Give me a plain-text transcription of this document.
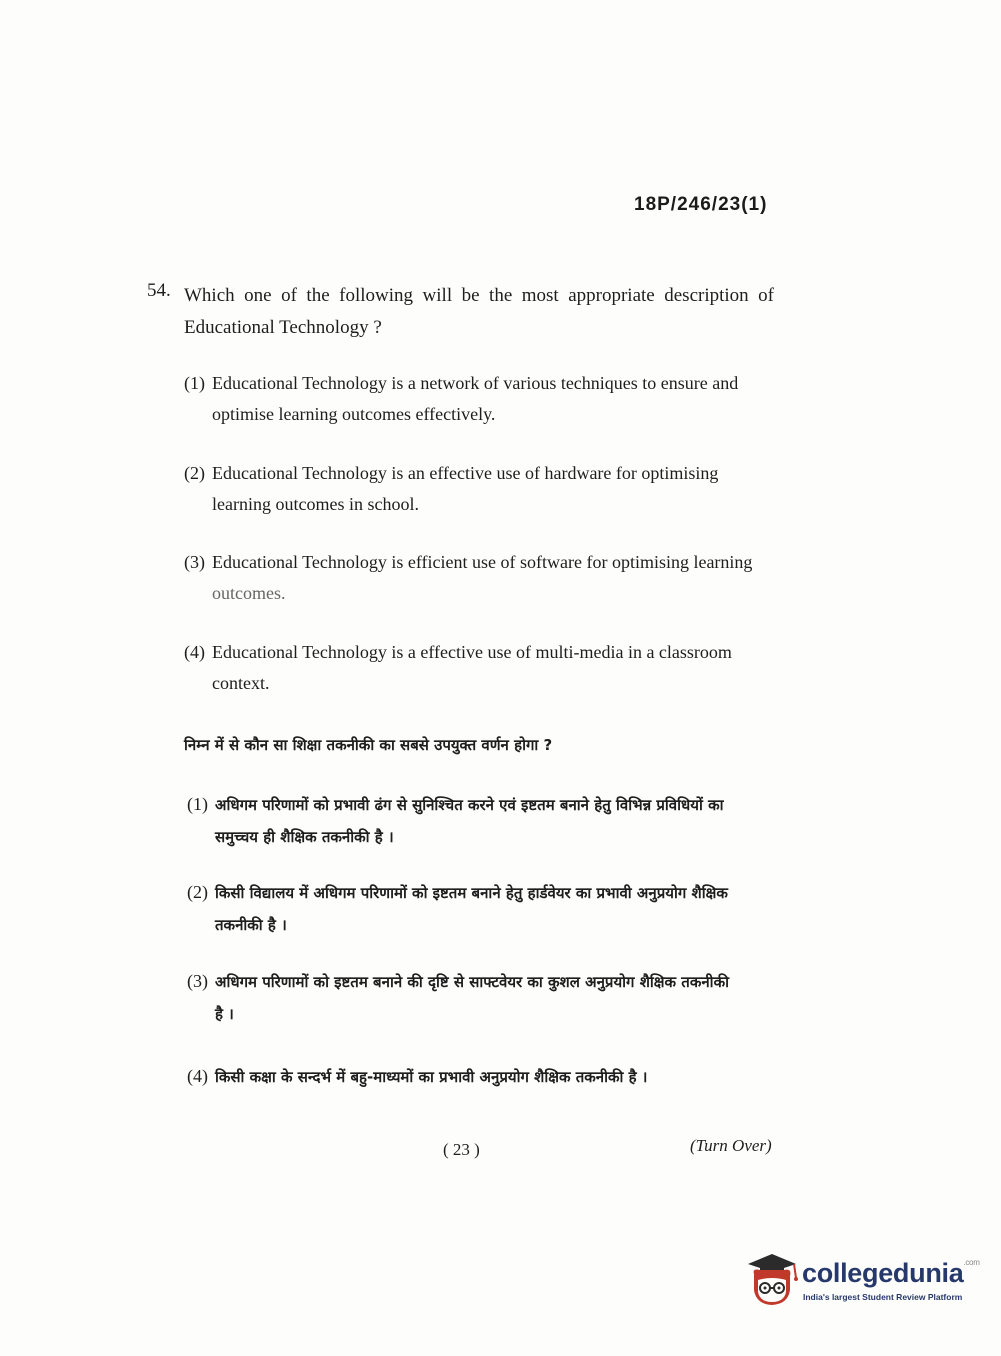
18P/246/23(1)
54. Which one of the following will be the most appropriate description of Educational Technology ?
(1) Educational Technology is a network of various techniques to ensure and
optimise learning outcomes effectively.
(2) Educational Technology is an effective use of hardware for optimising
learning outcomes in school.
(3) Educational Technology is efficient use of software for optimising learning
outcomes.
(4) Educational Technology is a effective use of multi-media in a classroom
context.
निम्न में से कौन सा शिक्षा तकनीकी का सबसे उपयुक्त वर्णन होगा ?
(1) अधिगम परिणामों को प्रभावी ढंग से सुनिश्चित करने एवं इष्टतम बनाने हेतु विभिन्न प्रविधियों का
समुच्चय ही शैक्षिक तकनीकी है ।
(2) किसी विद्यालय में अधिगम परिणामों को इष्टतम बनाने हेतु हार्डवेयर का प्रभावी अनुप्रयोग शैक्षिक
तकनीकी है ।
(3) अधिगम परिणामों को इष्टतम बनाने की दृष्टि से साफ्टवेयर का कुशल अनुप्रयोग शैक्षिक तकनीकी
है ।
(4) किसी कक्षा के सन्दर्भ में बहु-माध्यमों का प्रभावी अनुप्रयोग शैक्षिक तकनीकी है ।
( 23 )	(Turn Over)
collegedunia$^{.com}$
India's largest Student Review Platform
